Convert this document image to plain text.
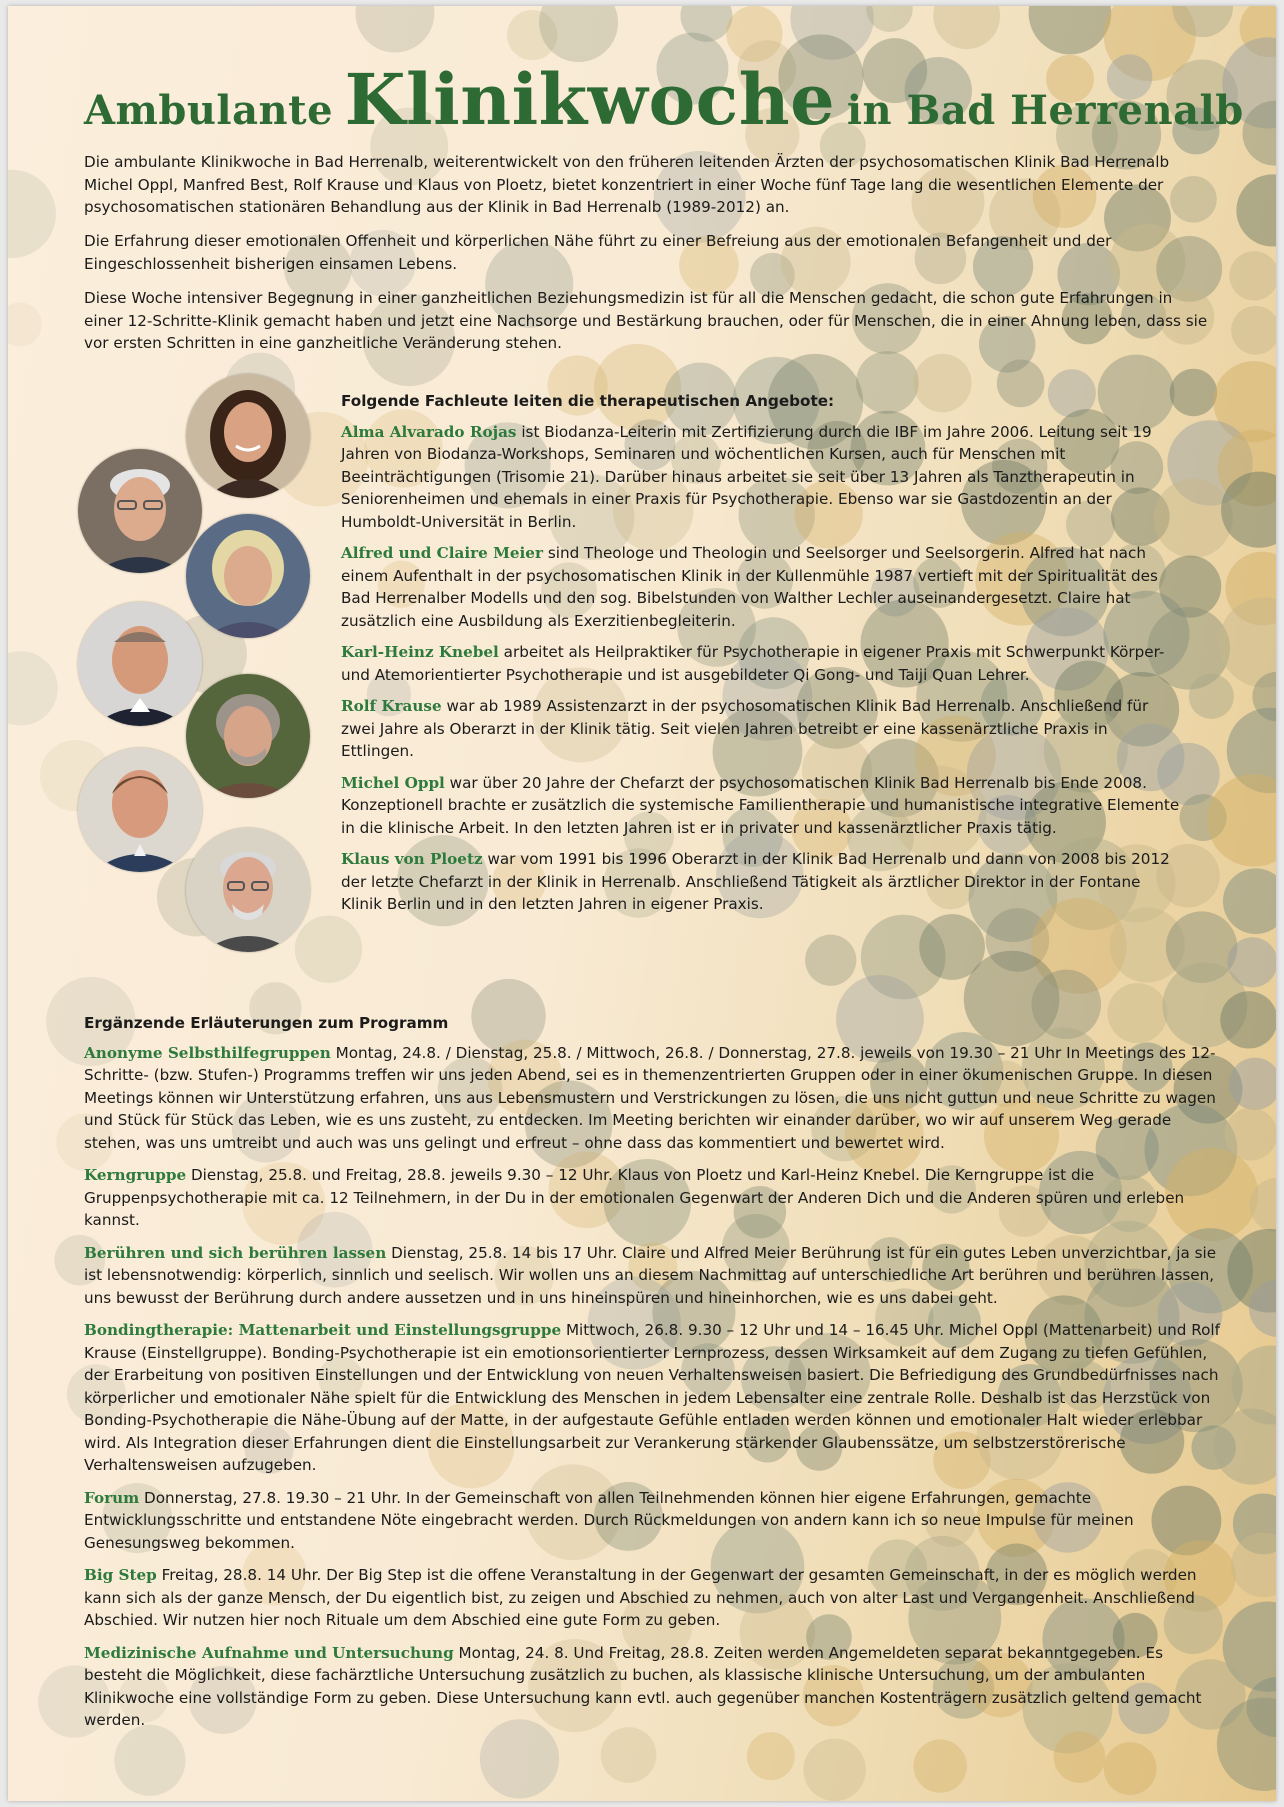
Ambulante Klinikwoche in Bad Herrenalb

Die ambulante Klinikwoche in Bad Herrenalb, weiterentwickelt von den früheren leitenden Ärzten der psychosomatischen Klinik Bad Herrenalb Michel Oppl, Manfred Best, Rolf Krause und Klaus von Ploetz, bietet konzentriert in einer Woche fünf Tage lang die wesentlichen Elemente der psychosomatischen stationären Behandlung aus der Klinik in Bad Herrenalb (1989-2012) an.

Die Erfahrung dieser emotionalen Offenheit und körperlichen Nähe führt zu einer Befreiung aus der emotionalen Befangenheit und der Eingeschlossenheit bisherigen einsamen Lebens.

Diese Woche intensiver Begegnung in einer ganzheitlichen Beziehungsmedizin ist für all die Menschen gedacht, die schon gute Erfahrungen in einer 12-Schritte-Klinik gemacht haben und jetzt eine Nachsorge und Bestärkung brauchen, oder für Menschen, die in einer Ahnung leben, dass sie vor ersten Schritten in eine ganzheitliche Veränderung stehen.

Folgende Fachleute leiten die therapeutischen Angebote:

Alma Alvarado Rojas ist Biodanza-Leiterin mit Zertifizierung durch die IBF im Jahre 2006. Leitung seit 19 Jahren von Biodanza-Workshops, Seminaren und wöchentlichen Kursen, auch für Menschen mit Beeinträchtigungen (Trisomie 21). Darüber hinaus arbeitet sie seit über 13 Jahren als Tanztherapeutin in Seniorenheimen und ehemals in einer Praxis für Psychotherapie. Ebenso war sie Gastdozentin an der Humboldt-Universität in Berlin.

Alfred und Claire Meier sind Theologe und Theologin und Seelsorger und Seelsorgerin. Alfred hat nach einem Aufenthalt in der psychosomatischen Klinik in der Kullenmühle 1987 vertieft mit der Spiritualität des Bad Herrenalber Modells und den sog. Bibelstunden von Walther Lechler auseinandergesetzt. Claire hat zusätzlich eine Ausbildung als Exerzitienbegleiterin.

Karl-Heinz Knebel arbeitet als Heilpraktiker für Psychotherapie in eigener Praxis mit Schwerpunkt Körper- und Atemorientierter Psychotherapie und ist ausgebildeter Qi Gong- und Taiji Quan Lehrer.

Rolf Krause war ab 1989 Assistenzarzt in der psychosomatischen Klinik Bad Herrenalb. Anschließend für zwei Jahre als Oberarzt in der Klinik tätig. Seit vielen Jahren betreibt er eine kassenärztliche Praxis in Ettlingen.

Michel Oppl war über 20 Jahre der Chefarzt der psychosomatischen Klinik Bad Herrenalb bis Ende 2008. Konzeptionell brachte er zusätzlich die systemische Familientherapie und humanistische integrative Elemente in die klinische Arbeit. In den letzten Jahren ist er in privater und kassenärztlicher Praxis tätig.

Klaus von Ploetz war vom 1991 bis 1996 Oberarzt in der Klinik Bad Herrenalb und dann von 2008 bis 2012 der letzte Chefarzt in der Klinik in Herrenalb. Anschließend Tätigkeit als ärztlicher Direktor in der Fontane Klinik Berlin und in den letzten Jahren in eigener Praxis.

Ergänzende Erläuterungen zum Programm

Anonyme Selbsthilfegruppen Montag, 24.8. / Dienstag, 25.8. / Mittwoch, 26.8. / Donnerstag, 27.8. jeweils von 19.30 – 21 Uhr In Meetings des 12-Schritte- (bzw. Stufen-) Programms treffen wir uns jeden Abend, sei es in themenzentrierten Gruppen oder in einer ökumenischen Gruppe. In diesen Meetings können wir Unterstützung erfahren, uns aus Lebensmustern und Verstrickungen zu lösen, die uns nicht guttun und neue Schritte zu wagen und Stück für Stück das Leben, wie es uns zusteht, zu entdecken. Im Meeting berichten wir einander darüber, wo wir auf unserem Weg gerade stehen, was uns umtreibt und auch was uns gelingt und erfreut – ohne dass das kommentiert und bewertet wird.

Kerngruppe Dienstag, 25.8. und Freitag, 28.8. jeweils 9.30 – 12 Uhr. Klaus von Ploetz und Karl-Heinz Knebel. Die Kerngruppe ist die Gruppenpsychotherapie mit ca. 12 Teilnehmern, in der Du in der emotionalen Gegenwart der Anderen Dich und die Anderen spüren und erleben kannst.

Berühren und sich berühren lassen Dienstag, 25.8. 14 bis 17 Uhr. Claire und Alfred Meier Berührung ist für ein gutes Leben unverzichtbar, ja sie ist lebensnotwendig: körperlich, sinnlich und seelisch. Wir wollen uns an diesem Nachmittag auf unterschiedliche Art berühren und berühren lassen, uns bewusst der Berührung durch andere aussetzen und in uns hineinspüren und hineinhorchen, wie es uns dabei geht.

Bondingtherapie: Mattenarbeit und Einstellungsgruppe Mittwoch, 26.8. 9.30 – 12 Uhr und 14 – 16.45 Uhr. Michel Oppl (Mattenarbeit) und Rolf Krause (Einstellgruppe). Bonding-Psychotherapie ist ein emotionsorientierter Lernprozess, dessen Wirksamkeit auf dem Zugang zu tiefen Gefühlen, der Erarbeitung von positiven Einstellungen und der Entwicklung von neuen Verhaltensweisen basiert. Die Befriedigung des Grundbedürfnisses nach körperlicher und emotionaler Nähe spielt für die Entwicklung des Menschen in jedem Lebensalter eine zentrale Rolle. Deshalb ist das Herzstück von Bonding-Psychotherapie die Nähe-Übung auf der Matte, in der aufgestaute Gefühle entladen werden können und emotionaler Halt wieder erlebbar wird. Als Integration dieser Erfahrungen dient die Einstellungsarbeit zur Verankerung stärkender Glaubenssätze, um selbstzerstörerische Verhaltensweisen aufzugeben.

Forum Donnerstag, 27.8. 19.30 – 21 Uhr. In der Gemeinschaft von allen Teilnehmenden können hier eigene Erfahrungen, gemachte Entwicklungsschritte und entstandene Nöte eingebracht werden. Durch Rückmeldungen von andern kann ich so neue Impulse für meinen Genesungsweg bekommen.

Big Step Freitag, 28.8. 14 Uhr. Der Big Step ist die offene Veranstaltung in der Gegenwart der gesamten Gemeinschaft, in der es möglich werden kann sich als der ganze Mensch, der Du eigentlich bist, zu zeigen und Abschied zu nehmen, auch von alter Last und Vergangenheit. Anschließend Abschied. Wir nutzen hier noch Rituale um dem Abschied eine gute Form zu geben.

Medizinische Aufnahme und Untersuchung Montag, 24. 8. Und Freitag, 28.8. Zeiten werden Angemeldeten separat bekanntgegeben. Es besteht die Möglichkeit, diese fachärztliche Untersuchung zusätzlich zu buchen, als klassische klinische Untersuchung, um der ambulanten Klinikwoche eine vollständige Form zu geben. Diese Untersuchung kann evtl. auch gegenüber manchen Kostenträgern zusätzlich geltend gemacht werden.
